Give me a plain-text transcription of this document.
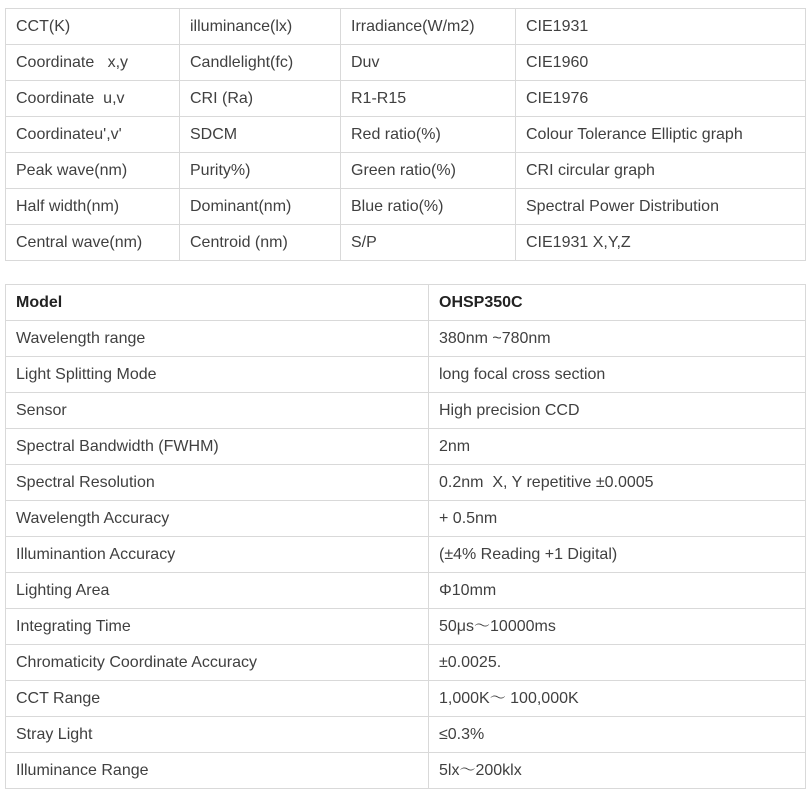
CCT(K)	illuminance(lx)	Irradiance(W/m2)	CIE1931
Coordinate   x,y	Candlelight(fc)	Duv	CIE1960
Coordinate  u,v	CRI (Ra)	R1-R15	CIE1976
Coordinateu',v'	SDCM	Red ratio(%)	Colour Tolerance Elliptic graph
Peak wave(nm)	Purity%)	Green ratio(%)	CRI circular graph
Half width(nm)	Dominant(nm)	Blue ratio(%)	Spectral Power Distribution
Central wave(nm)	Centroid (nm)	S/P	CIE1931 X,Y,Z
Model	OHSP350C
Wavelength range	380nm ~780nm
Light Splitting Mode	long focal cross section
Sensor	High precision CCD
Spectral Bandwidth (FWHM)	2nm
Spectral Resolution	0.2nm  X, Y repetitive ±0.0005
Wavelength Accuracy	+ 0.5nm
Illuminantion Accuracy	(±4% Reading +1 Digital)
Lighting Area	Φ10mm
Integrating Time	50μs～10000ms
Chromaticity Coordinate Accuracy	±0.0025.
CCT Range	1,000K～ 100,000K
Stray Light	≤0.3%
Illuminance Range	5lx～200klx
